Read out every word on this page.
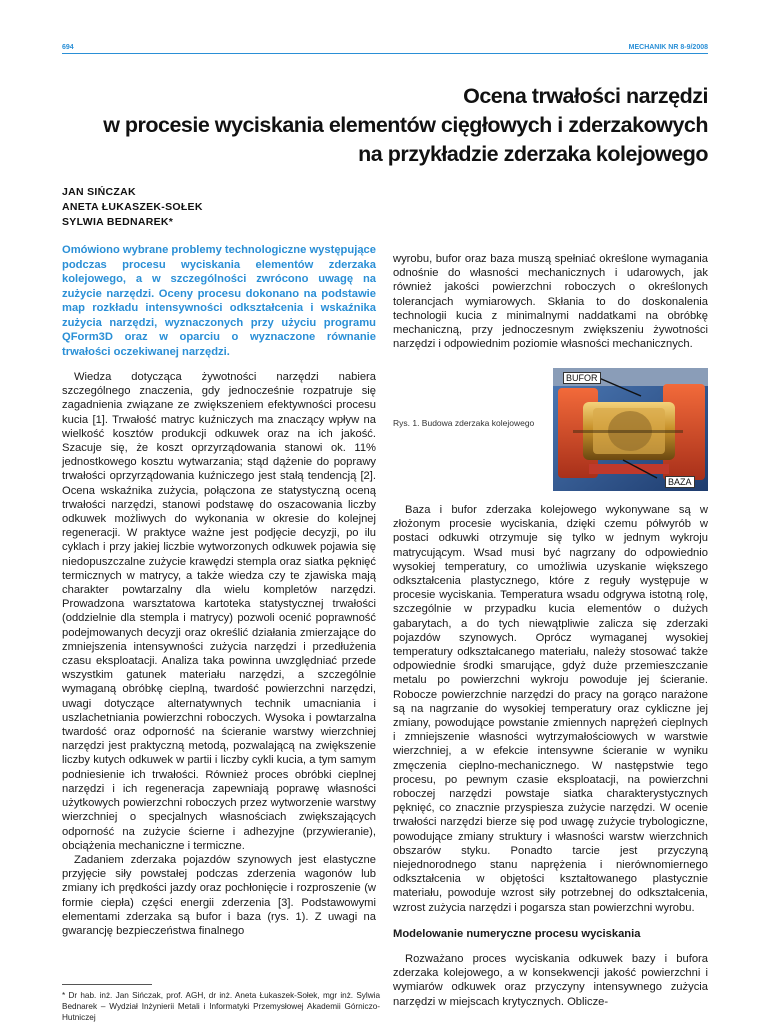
694	MECHANIK NR 8-9/2008
Ocena trwałości narzędzi
w procesie wyciskania elementów cięgłowych i zderzakowych
na przykładzie zderzaka kolejowego
JAN SIŃCZAK
ANETA ŁUKASZEK-SOŁEK
SYLWIA BEDNAREK*

Omówiono wybrane problemy technologiczne występujące podczas procesu wyciskania elementów zderzaka kolejowego, a w szczególności zwrócono uwagę na zużycie narzędzi. Oceny procesu dokonano na podstawie map rozkładu intensywności odkształcenia i wskaźnika zużycia narzędzi, wyznaczonych przy użyciu programu QForm3D oraz w oparciu o wyznaczone równanie trwałości oczekiwanej narzędzi.

Wiedza dotycząca żywotności narzędzi nabiera szczególnego znaczenia, gdy jednocześnie rozpatruje się zagadnienia związane ze zwiększeniem efektywności procesu kucia [1]. Trwałość matryc kuźniczych ma znaczący wpływ na wielkość kosztów produkcji odkuwek oraz na ich jakość. Szacuje się, że koszt oprzyrządowania stanowi ok. 11% jednostkowego kosztu wytwarzania; stąd dążenie do poprawy trwałości oprzyrządowania kuźniczego jest stałą tendencją [2]. Ocena wskaźnika zużycia, połączona ze statystyczną oceną trwałości narzędzi, stanowi podstawę do oszacowania liczby odkuwek możliwych do wykonania w okresie do kolejnej regeneracji. W praktyce ważne jest podjęcie decyzji, po ilu cyklach i przy jakiej liczbie wytworzonych odkuwek pojawia się niedopuszczalne zużycie krawędzi stempla oraz siatka pęknięć termicznych w matrycy, a także wiedza czy te zjawiska mają charakter powtarzalny dla wielu kompletów narzędzi. Prowadzona warsztatowa kartoteka statystycznej trwałości (oddzielnie dla stempla i matrycy) pozwoli ocenić poprawność podejmowanych decyzji oraz określić działania zmierzające do zmniejszenia intensywności zużycia narzędzi i przedłużenia czasu eksploatacji. Analiza taka powinna uwzględniać przede wszystkim gatunek materiału narzędzi, a szczególnie wymaganą obróbkę cieplną, twardość powierzchni narzędzi, uwagi dotyczące alternatywnych technik umacniania i uszlachetniania powierzchni roboczych. Wysoka i powtarzalna twardość oraz odporność na ścieranie warstwy wierzchniej narzędzi jest praktyczną metodą, pozwalającą na zwiększenie liczby kutych odkuwek w partii i liczby cykli kucia, a tym samym podniesienie ich trwałości. Również proces obróbki cieplnej narzędzi i ich regeneracja zapewniają poprawę własności użytkowych powierzchni roboczych przez wytworzenie warstwy wierzchniej o specjalnych własnościach zwiększających odporność na zużycie ścierne i adhezyjne (przywieranie), obciążenia mechaniczne i termiczne.

Zadaniem zderzaka pojazdów szynowych jest elastyczne przyjęcie siły powstałej podczas zderzenia wagonów lub zmiany ich prędkości jazdy oraz pochłonięcie i rozproszenie (w formie ciepła) części energii zderzenia [3]. Podstawowymi elementami zderzaka są bufor i baza (rys. 1). Z uwagi na gwarancję bezpieczeństwa finalnego

wyrobu, bufor oraz baza muszą spełniać określone wymagania odnośnie do własności mechanicznych i udarowych, jak również jakości powierzchni roboczych o określonych tolerancjach wymiarowych. Skłania to do doskonalenia technologii kucia z minimalnymi naddatkami na obróbkę mechaniczną, przy jednoczesnym zwiększeniu żywotności narzędzi i odpowiednim poziomie własności mechanicznych.

Rys. 1. Budowa zderzaka kolejowego
BUFOR
BAZA

Baza i bufor zderzaka kolejowego wykonywane są w złożonym procesie wyciskania, dzięki czemu półwyrób w postaci odkuwki otrzymuje się tylko w jednym wykroju matrycującym. Wsad musi być nagrzany do odpowiednio wysokiej temperatury, co umożliwia uzyskanie większego odkształcenia plastycznego, które z reguły występuje w procesie wyciskania. Temperatura wsadu odgrywa istotną rolę, szczególnie w przypadku kucia elementów o dużych gabarytach, a do tych niewątpliwie zalicza się zderzaki pojazdów szynowych. Oprócz wymaganej wysokiej temperatury odkształcanego materiału, należy stosować także odpowiednie środki smarujące, gdyż duże przemieszczanie metalu po powierzchni wykroju powoduje jej ścieranie. Robocze powierzchnie narzędzi do pracy na gorąco narażone są na nagrzanie do wysokiej temperatury oraz cykliczne jej zmiany, powodujące powstanie zmiennych naprężeń cieplnych i zmniejszenie własności wytrzymałościowych w warstwie wierzchniej, a w efekcie intensywne ścieranie w wyniku zmęczenia cieplno-mechanicznego. W następstwie tego procesu, po pewnym czasie eksploatacji, na powierzchni roboczej narzędzi powstaje siatka charakterystycznych pęknięć, co znacznie przyspiesza zużycie narzędzi. W ocenie trwałości narzędzi bierze się pod uwagę zużycie trybologiczne, powodujące zmiany struktury i własności warstw wierzchnich obszarów styku. Ponadto tarcie jest przyczyną niejednorodnego stanu naprężenia i nierównomiernego odkształcenia w objętości kształtowanego plastycznie materiału, powoduje wzrost siły potrzebnej do odkształcenia, wzrost zużycia narzędzi i pogarsza stan powierzchni wyrobu.

Modelowanie numeryczne procesu wyciskania

Rozważano proces wyciskania odkuwek bazy i bufora zderzaka kolejowego, a w konsekwencji jakość powierzchni i wymiarów odkuwek oraz przyczyny intensywnego zużycia narzędzi w miejscach krytycznych. Oblicze-

* Dr hab. inż. Jan Sińczak, prof. AGH, dr inż. Aneta Łukaszek-Sołek, mgr inż. Sylwia Bednarek – Wydział Inżynierii Metali i Informatyki Przemysłowej Akademii Górniczo-Hutniczej
